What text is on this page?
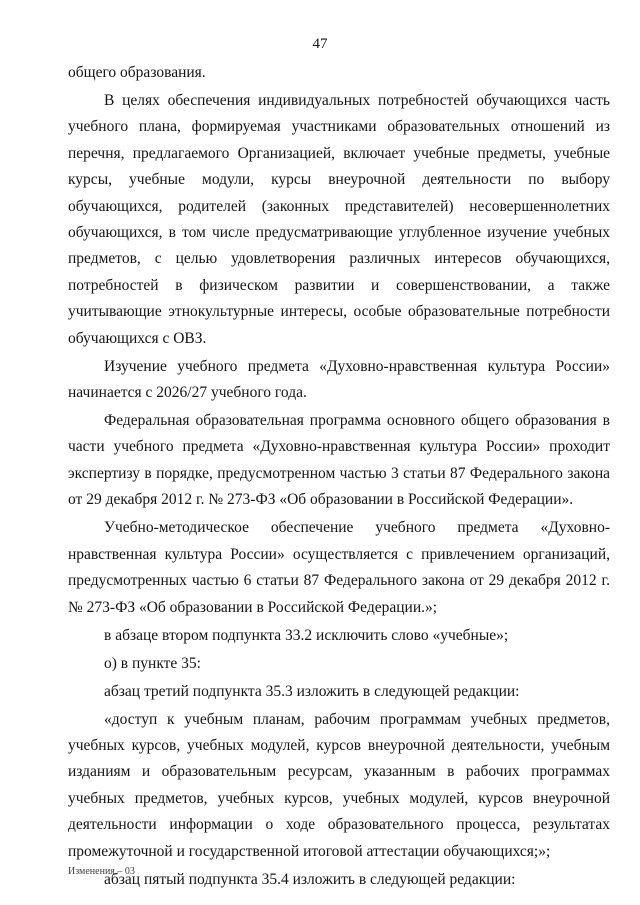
47

общего образования.

В целях обеспечения индивидуальных потребностей обучающихся часть учебного плана, формируемая участниками образовательных отношений из перечня, предлагаемого Организацией, включает учебные предметы, учебные курсы, учебные модули, курсы внеурочной деятельности по выбору обучающихся, родителей (законных представителей) несовершеннолетних обучающихся, в том числе предусматривающие углубленное изучение учебных предметов, с целью удовлетворения различных интересов обучающихся, потребностей в физическом развитии и совершенствовании, а также учитывающие этнокультурные интересы, особые образовательные потребности обучающихся с ОВЗ.

Изучение учебного предмета «Духовно-нравственная культура России» начинается с 2026/27 учебного года.

Федеральная образовательная программа основного общего образования в части учебного предмета «Духовно-нравственная культура России» проходит экспертизу в порядке, предусмотренном частью 3 статьи 87 Федерального закона от 29 декабря 2012 г. № 273-ФЗ «Об образовании в Российской Федерации».

Учебно-методическое обеспечение учебного предмета «Духовно-нравственная культура России» осуществляется с привлечением организаций, предусмотренных частью 6 статьи 87 Федерального закона от 29 декабря 2012 г. № 273-ФЗ «Об образовании в Российской Федерации.»;

в абзаце втором подпункта 33.2 исключить слово «учебные»;

о) в пункте 35:

абзац третий подпункта 35.3 изложить в следующей редакции:

«доступ к учебным планам, рабочим программам учебных предметов, учебных курсов, учебных модулей, курсов внеурочной деятельности, учебным изданиям и образовательным ресурсам, указанным в рабочих программах учебных предметов, учебных курсов, учебных модулей, курсов внеурочной деятельности информации о ходе образовательного процесса, результатах промежуточной и государственной итоговой аттестации обучающихся;»;

абзац пятый подпункта 35.4 изложить в следующей редакции:

Изменения – 03
